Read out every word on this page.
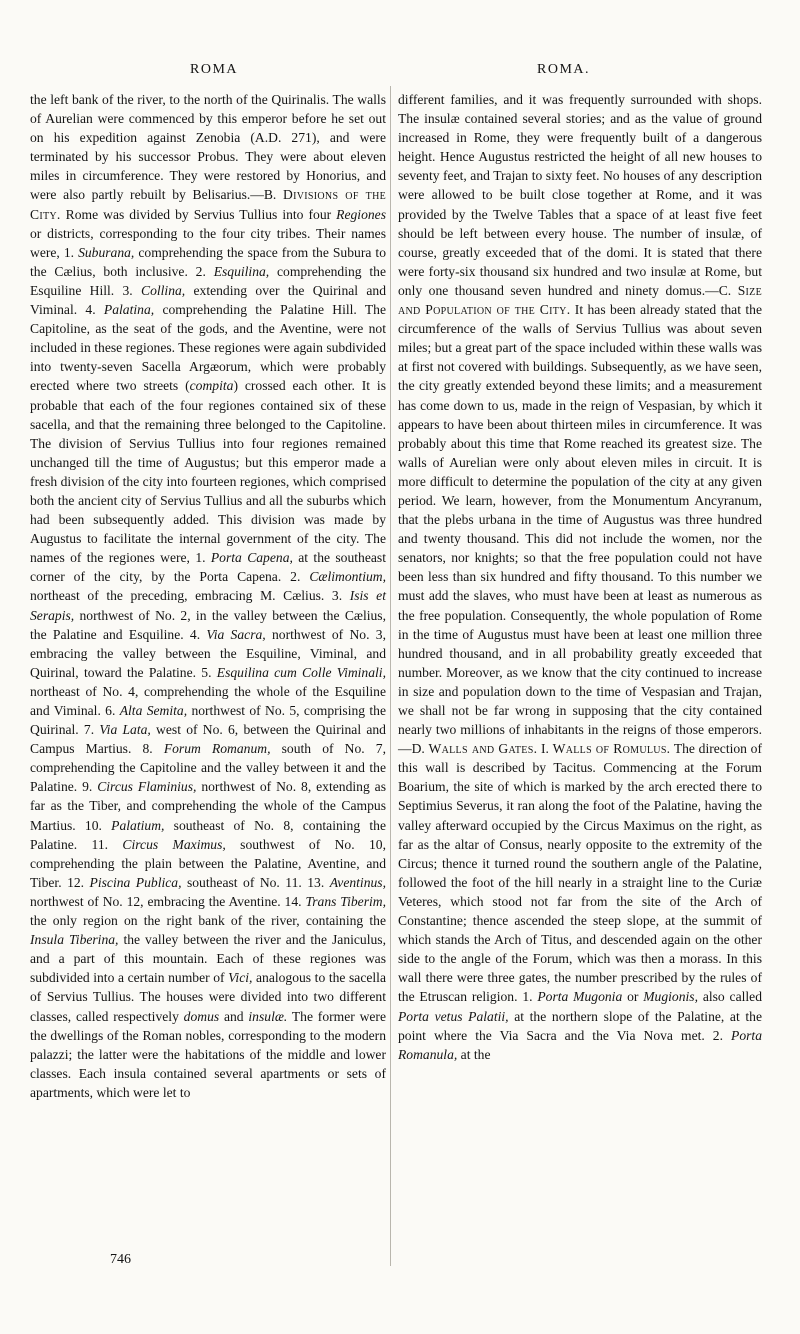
ROMA	ROMA.

the left bank of the river, to the north of the Quirinalis. The walls of Aurelian were commenced by this emperor before he set out on his expedition against Zenobia (A.D. 271), and were terminated by his successor Probus. They were about eleven miles in circumference. They were restored by Honorius, and were also partly rebuilt by Belisarius.—B. Divisions of the City. Rome was divided by Servius Tullius into four Regiones or districts, corresponding to the four city tribes. Their names were, 1. Suburana, comprehending the space from the Subura to the Cælius, both inclusive. 2. Esquilina, comprehending the Esquiline Hill. 3. Collina, extending over the Quirinal and Viminal. 4. Palatina, comprehending the Palatine Hill. The Capitoline, as the seat of the gods, and the Aventine, were not included in these regiones. These regiones were again subdivided into twenty-seven Sacella Argæorum, which were probably erected where two streets (compita) crossed each other. It is probable that each of the four regiones contained six of these sacella, and that the remaining three belonged to the Capitoline. The division of Servius Tullius into four regiones remained unchanged till the time of Augustus; but this emperor made a fresh division of the city into fourteen regiones, which comprised both the ancient city of Servius Tullius and all the suburbs which had been subsequently added. This division was made by Augustus to facilitate the internal government of the city. The names of the regiones were, 1. Porta Capena, at the southeast corner of the city, by the Porta Capena. 2. Cælimontium, northeast of the preceding, embracing M. Cælius. 3. Isis et Serapis, northwest of No. 2, in the valley between the Cælius, the Palatine and Esquiline. 4. Via Sacra, northwest of No. 3, embracing the valley between the Esquiline, Viminal, and Quirinal, toward the Palatine. 5. Esquilina cum Colle Viminali, northeast of No. 4, comprehending the whole of the Esquiline and Viminal. 6. Alta Semita, northwest of No. 5, comprising the Quirinal. 7. Via Lata, west of No. 6, between the Quirinal and Campus Martius. 8. Forum Romanum, south of No. 7, comprehending the Capitoline and the valley between it and the Palatine. 9. Circus Flaminius, northwest of No. 8, extending as far as the Tiber, and comprehending the whole of the Campus Martius. 10. Palatium, southeast of No. 8, containing the Palatine. 11. Circus Maximus, southwest of No. 10, comprehending the plain between the Palatine, Aventine, and Tiber. 12. Piscina Publica, southeast of No. 11. 13. Aventinus, northwest of No. 12, embracing the Aventine. 14. Trans Tiberim, the only region on the right bank of the river, containing the Insula Tiberina, the valley between the river and the Janiculus, and a part of this mountain. Each of these regiones was subdivided into a certain number of Vici, analogous to the sacella of Servius Tullius. The houses were divided into two different classes, called respectively domus and insulæ. The former were the dwellings of the Roman nobles, corresponding to the modern palazzi; the latter were the habitations of the middle and lower classes. Each insula contained several apartments or sets of apartments, which were let to

different families, and it was frequently surrounded with shops. The insulæ contained several stories; and as the value of ground increased in Rome, they were frequently built of a dangerous height. Hence Augustus restricted the height of all new houses to seventy feet, and Trajan to sixty feet. No houses of any description were allowed to be built close together at Rome, and it was provided by the Twelve Tables that a space of at least five feet should be left between every house. The number of insulæ, of course, greatly exceeded that of the domi. It is stated that there were forty-six thousand six hundred and two insulæ at Rome, but only one thousand seven hundred and ninety domus.—C. Size and Population of the City. It has been already stated that the circumference of the walls of Servius Tullius was about seven miles; but a great part of the space included within these walls was at first not covered with buildings. Subsequently, as we have seen, the city greatly extended beyond these limits; and a measurement has come down to us, made in the reign of Vespasian, by which it appears to have been about thirteen miles in circumference. It was probably about this time that Rome reached its greatest size. The walls of Aurelian were only about eleven miles in circuit. It is more difficult to determine the population of the city at any given period. We learn, however, from the Monumentum Ancyranum, that the plebs urbana in the time of Augustus was three hundred and twenty thousand. This did not include the women, nor the senators, nor knights; so that the free population could not have been less than six hundred and fifty thousand. To this number we must add the slaves, who must have been at least as numerous as the free population. Consequently, the whole population of Rome in the time of Augustus must have been at least one million three hundred thousand, and in all probability greatly exceeded that number. Moreover, as we know that the city continued to increase in size and population down to the time of Vespasian and Trajan, we shall not be far wrong in supposing that the city contained nearly two millions of inhabitants in the reigns of those emperors.—D. Walls and Gates. I. Walls of Romulus. The direction of this wall is described by Tacitus. Commencing at the Forum Boarium, the site of which is marked by the arch erected there to Septimius Severus, it ran along the foot of the Palatine, having the valley afterward occupied by the Circus Maximus on the right, as far as the altar of Consus, nearly opposite to the extremity of the Circus; thence it turned round the southern angle of the Palatine, followed the foot of the hill nearly in a straight line to the Curiæ Veteres, which stood not far from the site of the Arch of Constantine; thence ascended the steep slope, at the summit of which stands the Arch of Titus, and descended again on the other side to the angle of the Forum, which was then a morass. In this wall there were three gates, the number prescribed by the rules of the Etruscan religion. 1. Porta Mugonia or Mugionis, also called Porta vetus Palatii, at the northern slope of the Palatine, at the point where the Via Sacra and the Via Nova met. 2. Porta Romanula, at the

746
